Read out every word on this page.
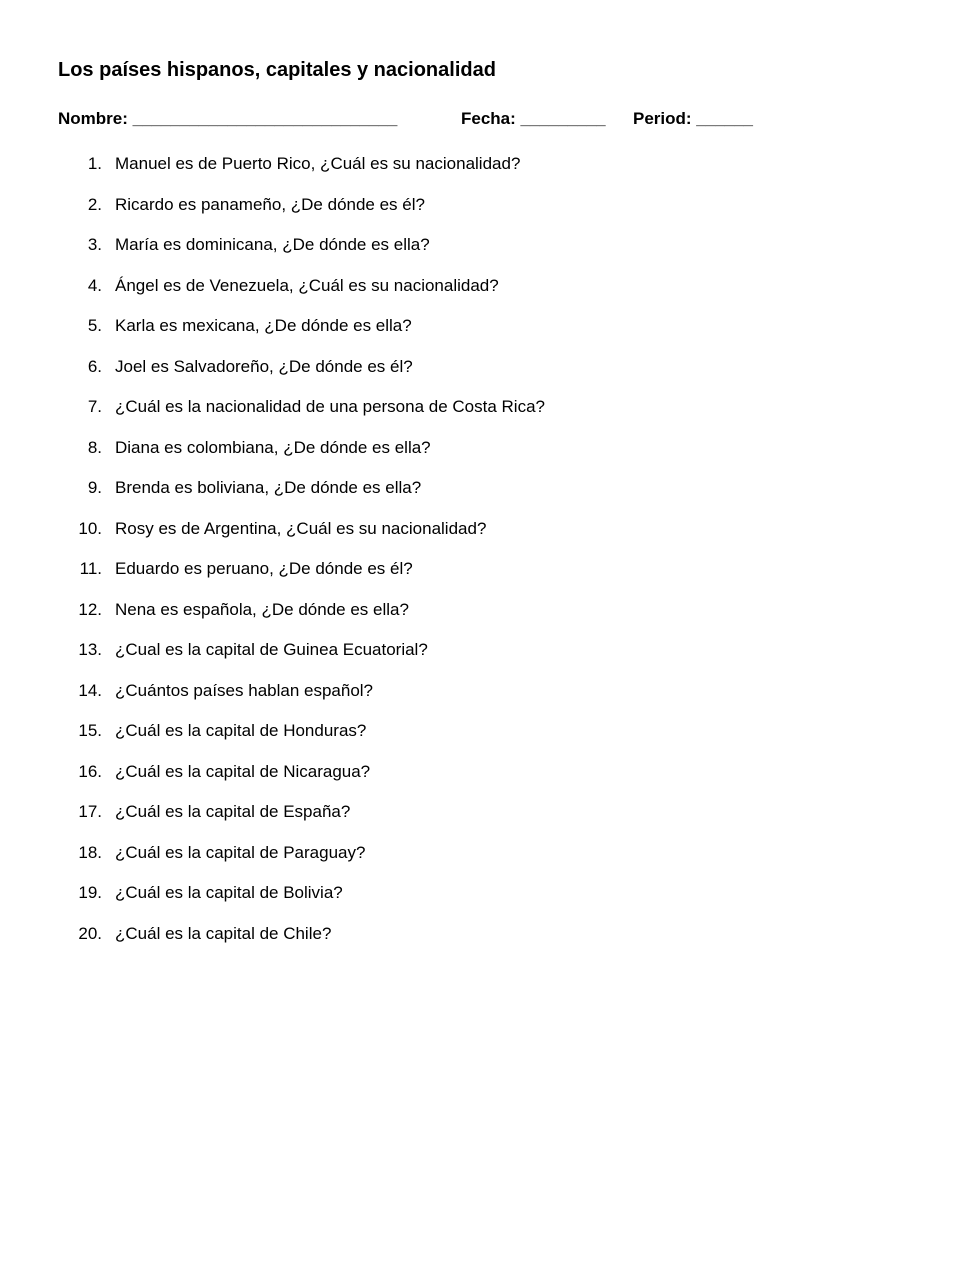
Los países hispanos, capitales y nacionalidad
Nombre: ____________________________	Fecha: _________ Period: ______
1. Manuel es de Puerto Rico, ¿Cuál es su nacionalidad?
2. Ricardo es panameño, ¿De dónde es él?
3. María es dominicana, ¿De dónde es ella?
4. Ángel es de Venezuela, ¿Cuál es su nacionalidad?
5. Karla es mexicana, ¿De dónde es ella?
6. Joel es Salvadoreño, ¿De dónde es él?
7. ¿Cuál es la nacionalidad de una persona de Costa Rica?
8. Diana es colombiana, ¿De dónde es ella?
9. Brenda es boliviana, ¿De dónde es ella?
10. Rosy es de Argentina, ¿Cuál es su nacionalidad?
11. Eduardo es peruano, ¿De dónde es él?
12. Nena es española, ¿De dónde es ella?
13. ¿Cual es la capital de Guinea Ecuatorial?
14. ¿Cuántos países hablan español?
15. ¿Cuál es la capital de Honduras?
16. ¿Cuál es la capital de Nicaragua?
17. ¿Cuál es la capital de España?
18. ¿Cuál es la capital de Paraguay?
19. ¿Cuál es la capital de Bolivia?
20. ¿Cuál es la capital de Chile?
